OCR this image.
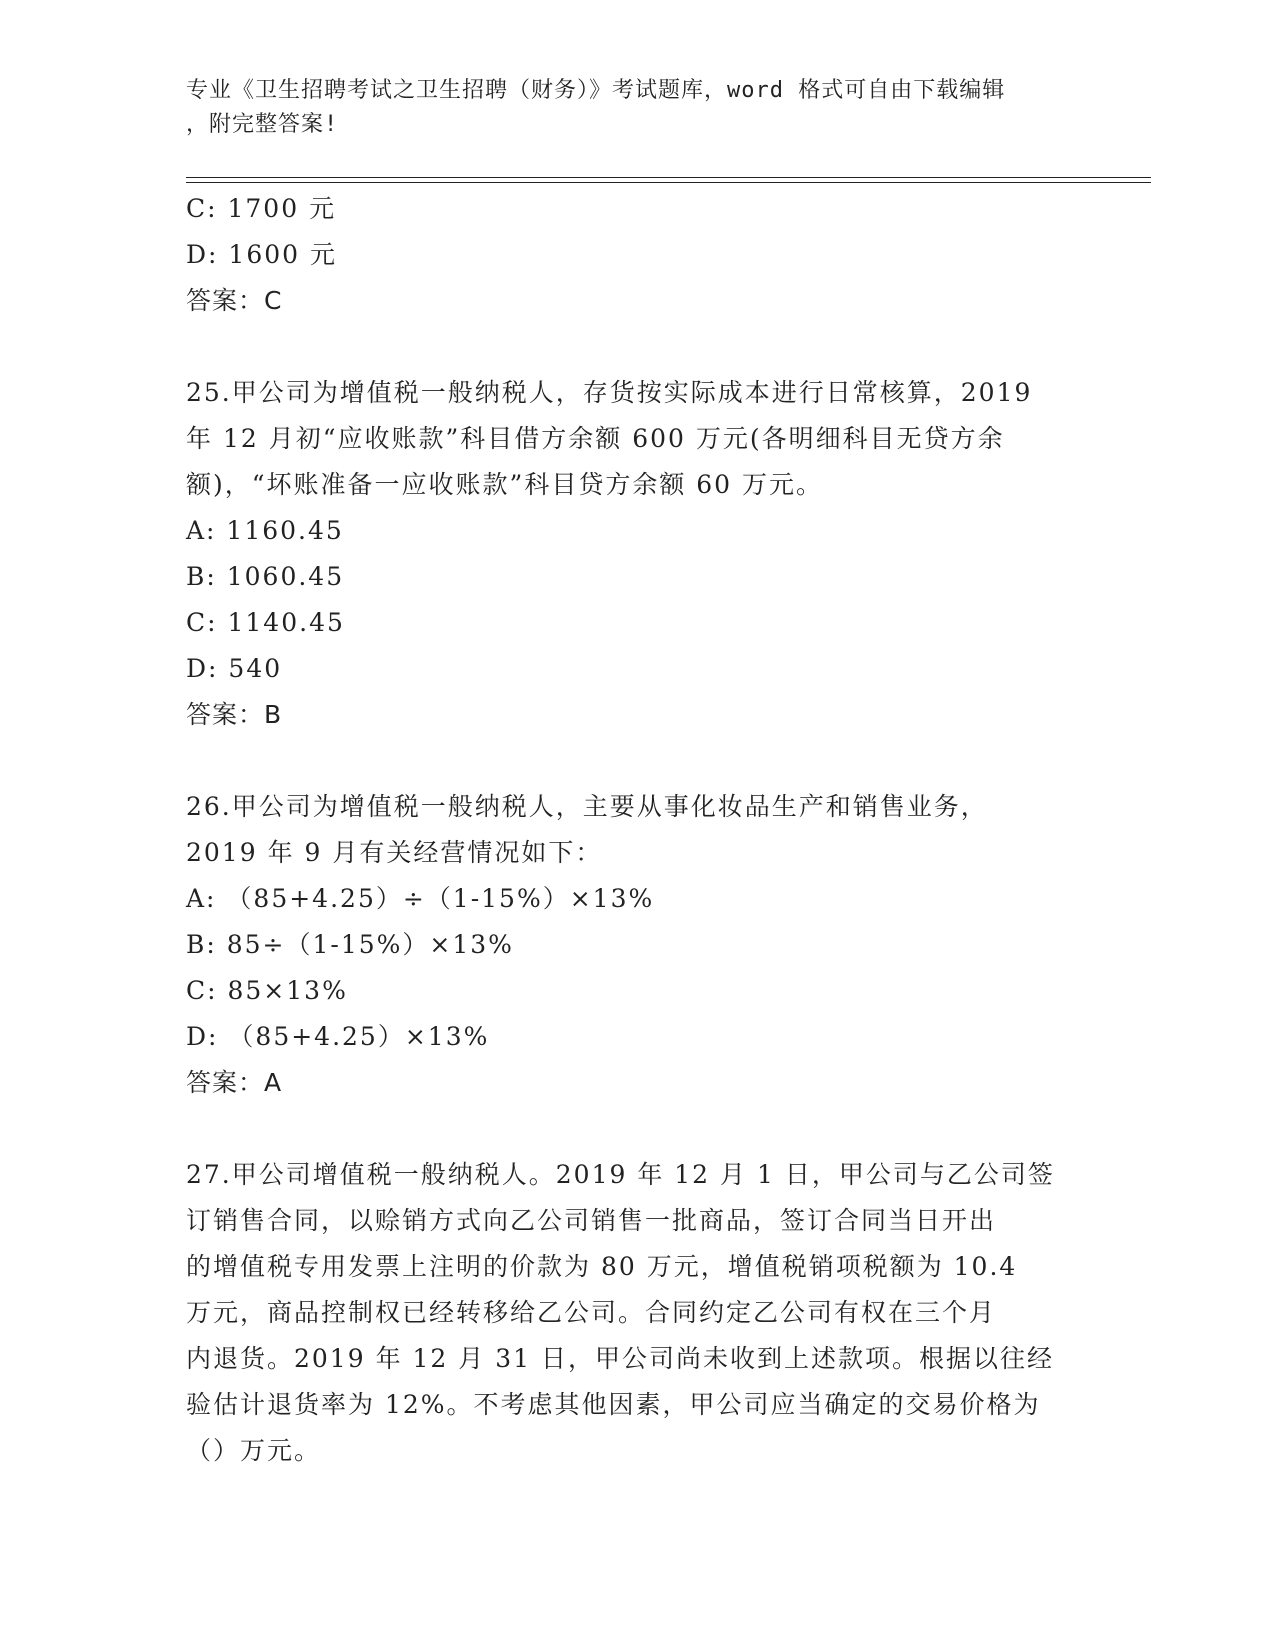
专业《卫生招聘考试之卫生招聘（财务）》考试题库，word 格式可自由下载编辑

，附完整答案!

C: 1700 元
D: 1600 元
答案：C
25.甲公司为增值税一般纳税人，存货按实际成本进行日常核算，2019
年 12 月初“应收账款”科目借方余额 600 万元(各明细科目无贷方余
额)，“坏账准备一应收账款”科目贷方余额 60 万元。
A: 1160.45
B: 1060.45
C: 1140.45
D: 540
答案：B
26.甲公司为增值税一般纳税人，主要从事化妆品生产和销售业务，
2019 年 9 月有关经营情况如下：
A: （85+4.25）÷（1-15%）×13%
B: 85÷（1-15%）×13%
C: 85×13%
D: （85+4.25）×13%
答案：A
27.甲公司增值税一般纳税人。2019 年 12 月 1 日，甲公司与乙公司签
订销售合同，以赊销方式向乙公司销售一批商品，签订合同当日开出
的增值税专用发票上注明的价款为 80 万元，增值税销项税额为 10.4
万元，商品控制权已经转移给乙公司。合同约定乙公司有权在三个月
内退货。2019 年 12 月 31 日，甲公司尚未收到上述款项。根据以往经
验估计退货率为 12%。不考虑其他因素，甲公司应当确定的交易价格为
（）万元。
